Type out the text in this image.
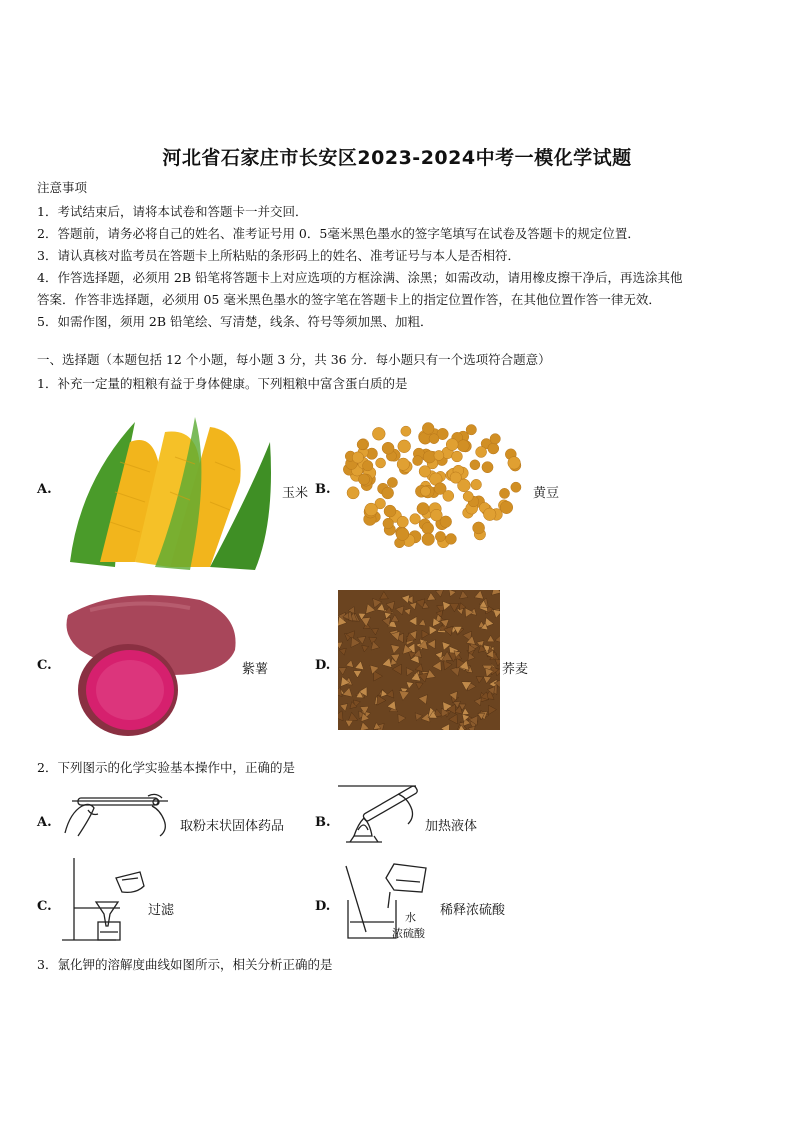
河北省石家庄市长安区2023-2024中考一模化学试题
注意事项
1．考试结束后，请将本试卷和答题卡一并交回．
2．答题前，请务必将自己的姓名、准考证号用 0．5毫米黑色墨水的签字笔填写在试卷及答题卡的规定位置．
3．请认真核对监考员在答题卡上所粘贴的条形码上的姓名、准考证号与本人是否相符．
4．作答选择题，必须用 2B 铅笔将答题卡上对应选项的方框涂满、涂黑；如需改动，请用橡皮擦干净后，再选涂其他
答案．作答非选择题，必须用 05 毫米黑色墨水的签字笔在答题卡上的指定位置作答，在其他位置作答一律无效．
5．如需作图，须用 2B 铅笔绘、写清楚，线条、符号等须加黑、加粗．
一、选择题（本题包括 12 个小题，每小题 3 分，共 36 分．每小题只有一个选项符合题意）
1．补充一定量的粗粮有益于身体健康。下列粗粮中富含蛋白质的是
A.	玉米 B.	黄豆
C.	紫薯	D.	荞麦
2．下列图示的化学实验基本操作中，正确的是
A.	取粉末状固体药品 B.	加热液体
C.	过滤	D.
水
浓硫酸
稀释浓硫酸
3．氯化钾的溶解度曲线如图所示，相关分析正确的是
